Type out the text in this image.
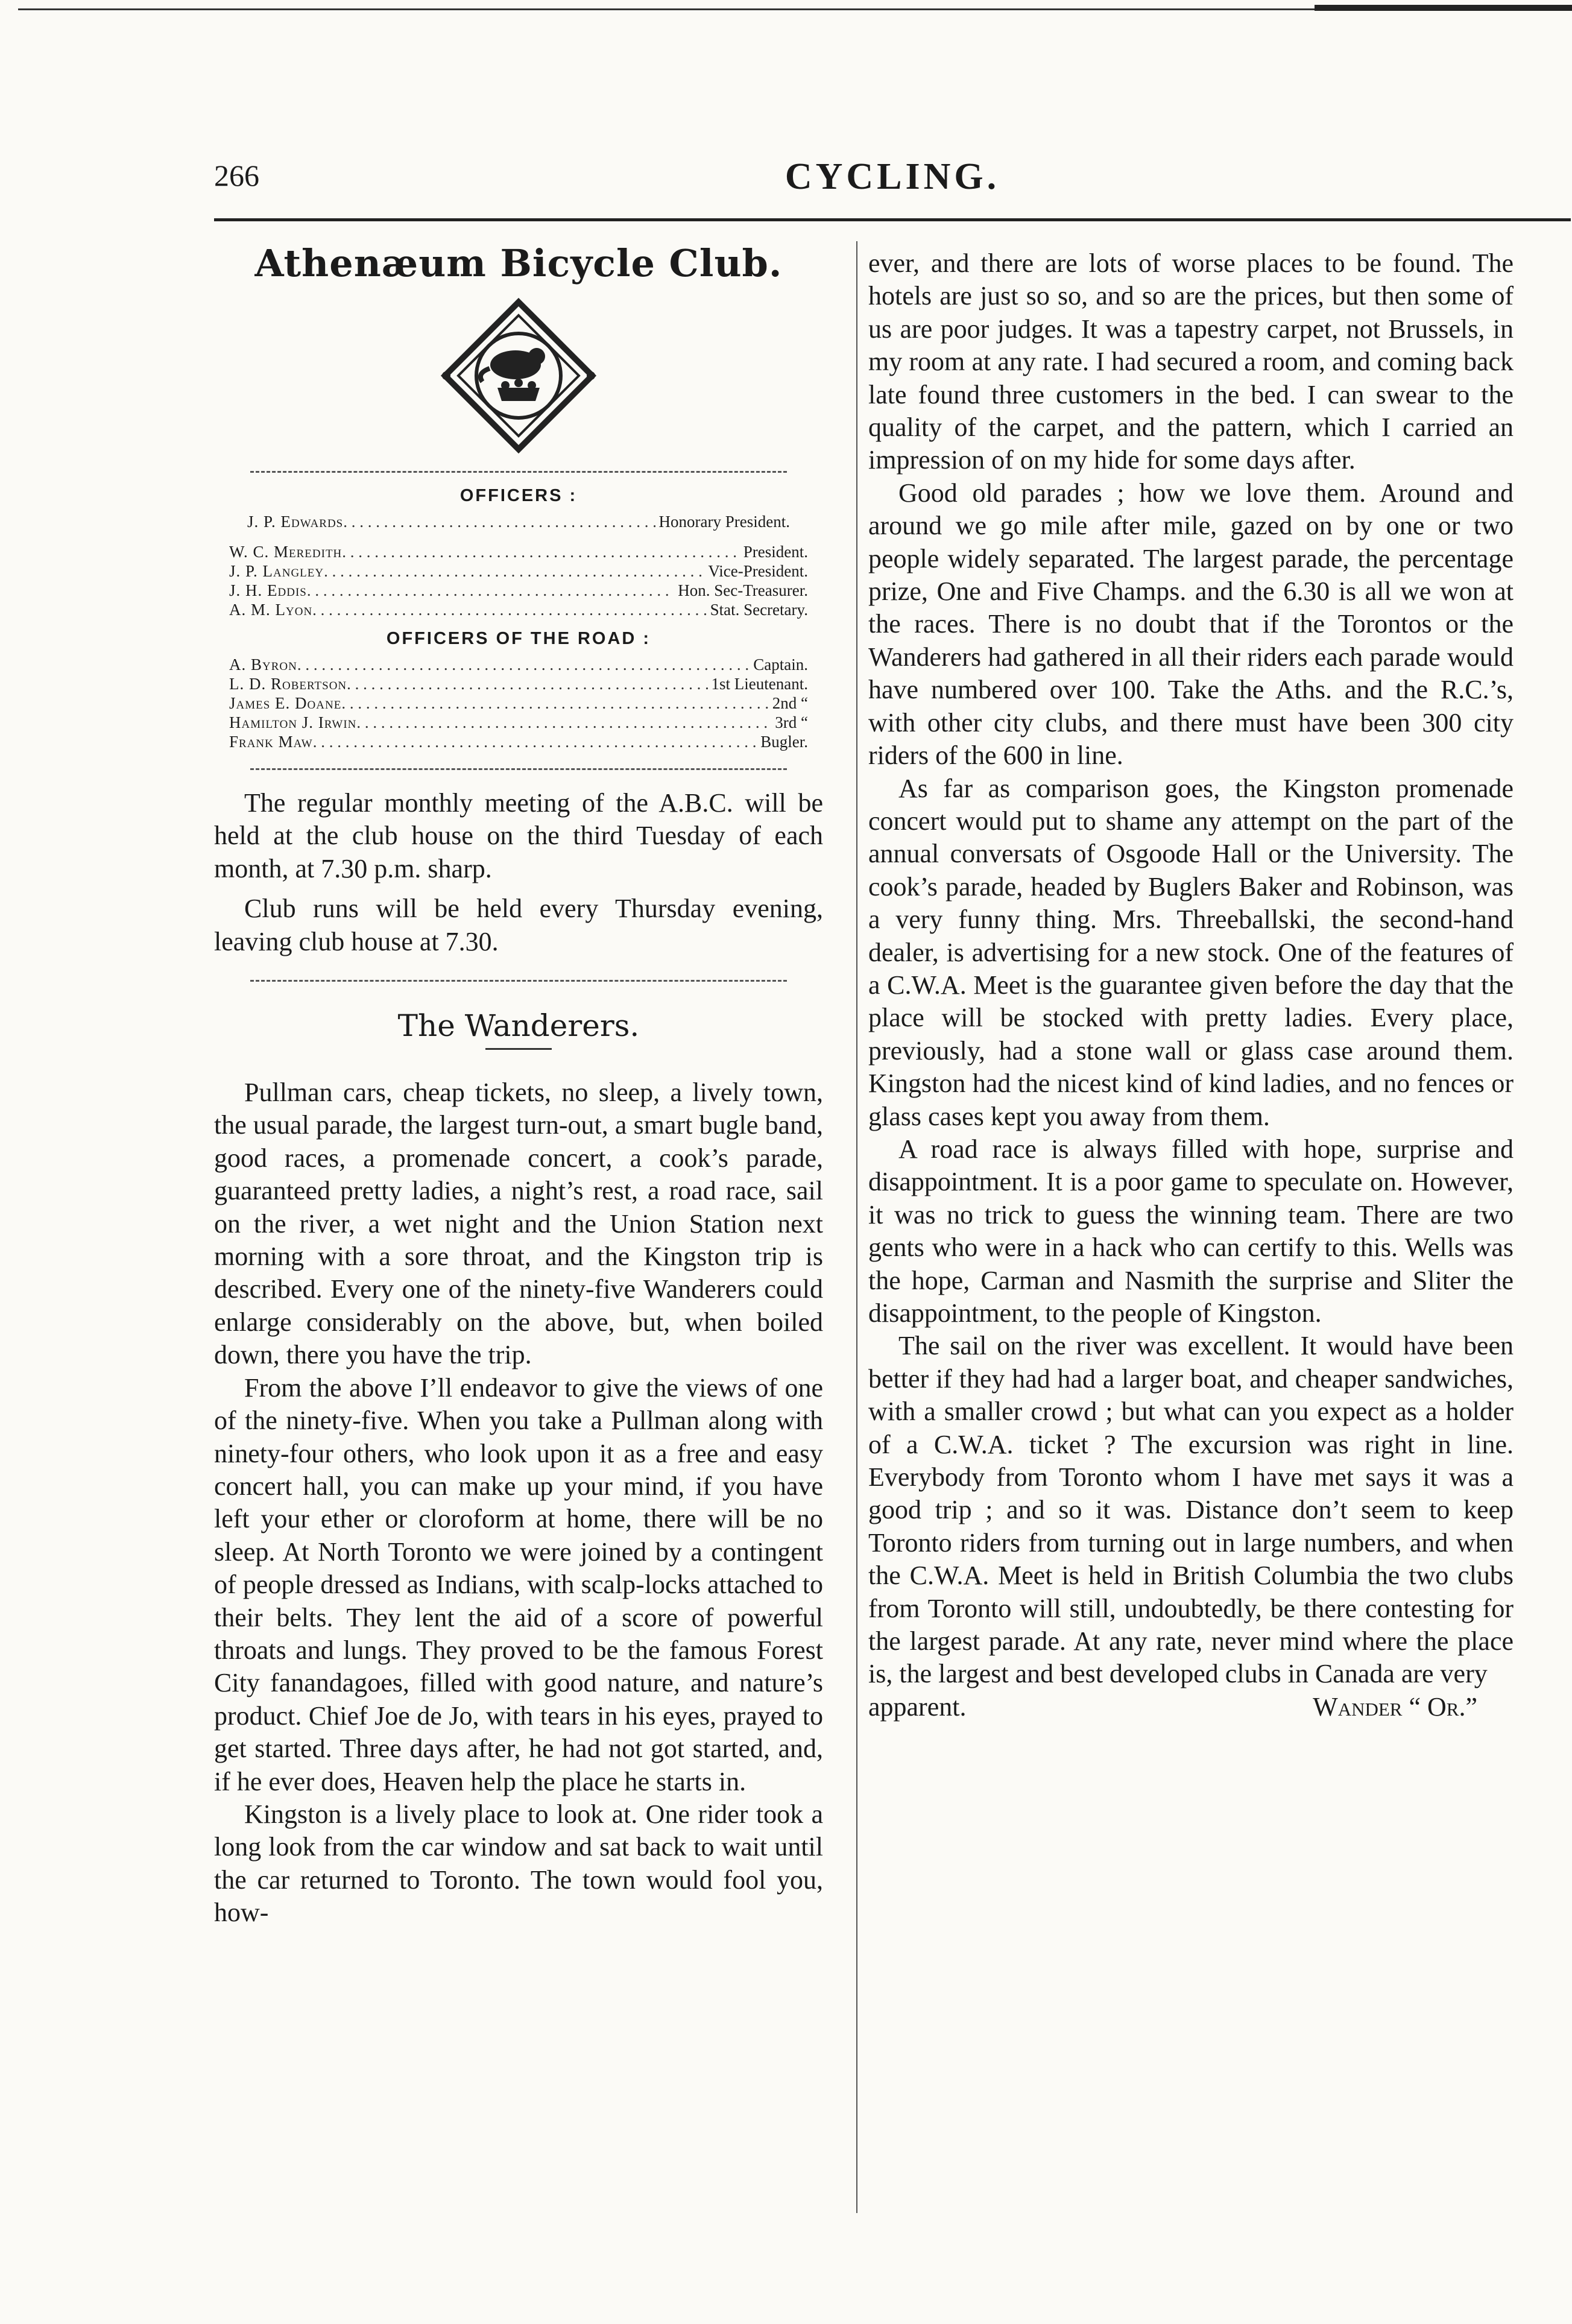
266	CYCLING.
Athenæum Bicycle Club.
OFFICERS :
J. P. Edwards . . .	Honorary President.
W. C. Meredith . . .	President.
J. P. Langley . . .	Vice-President.
J. H. Eddis . . .	Hon. Sec-Treasurer.
A. M. Lyon . . .	Stat. Secretary.
OFFICERS OF THE ROAD :
A. Byron . . .	Captain.
L. D. Robertson . . .	1st Lieutenant.
James E. Doane . . .	2nd “
Hamilton J. Irwin . . .	3rd “
Frank Maw . . .	Bugler.

The regular monthly meeting of the A.B.C. will be held at the club house on the third Tuesday of each month, at 7.30 p.m. sharp.

Club runs will be held every Thursday evening, leaving club house at 7.30.

The Wanderers.

Pullman cars, cheap tickets, no sleep, a lively town, the usual parade, the largest turn-out, a smart bugle band, good races, a promenade concert, a cook’s parade, guaranteed pretty ladies, a night’s rest, a road race, sail on the river, a wet night and the Union Station next morning with a sore throat, and the Kingston trip is described. Every one of the ninety-five Wanderers could enlarge considerably on the above, but, when boiled down, there you have the trip.

From the above I’ll endeavor to give the views of one of the ninety-five. When you take a Pullman along with ninety-four others, who look upon it as a free and easy concert hall, you can make up your mind, if you have left your ether or cloroform at home, there will be no sleep. At North Toronto we were joined by a contingent of people dressed as Indians, with scalp-locks attached to their belts. They lent the aid of a score of powerful throats and lungs. They proved to be the famous Forest City fanandagoes, filled with good nature, and nature’s product. Chief Joe de Jo, with tears in his eyes, prayed to get started. Three days after, he had not got started, and, if he ever does, Heaven help the place he starts in.

Kingston is a lively place to look at. One rider took a long look from the car window and sat back to wait until the car returned to Toronto. The town would fool you, how-

ever, and there are lots of worse places to be found. The hotels are just so so, and so are the prices, but then some of us are poor judges. It was a tapestry carpet, not Brussels, in my room at any rate. I had secured a room, and coming back late found three customers in the bed. I can swear to the quality of the carpet, and the pattern, which I carried an impression of on my hide for some days after.

Good old parades ; how we love them. Around and around we go mile after mile, gazed on by one or two people widely separated. The largest parade, the percentage prize, One and Five Champs. and the 6.30 is all we won at the races. There is no doubt that if the Torontos or the Wanderers had gathered in all their riders each parade would have numbered over 100. Take the Aths. and the R.C.’s, with other city clubs, and there must have been 300 city riders of the 600 in line.

As far as comparison goes, the Kingston promenade concert would put to shame any attempt on the part of the annual conversats of Osgoode Hall or the University. The cook’s parade, headed by Buglers Baker and Robinson, was a very funny thing. Mrs. Threeballski, the second-hand dealer, is advertising for a new stock. One of the features of a C.W.A. Meet is the guarantee given before the day that the place will be stocked with pretty ladies. Every place, previously, had a stone wall or glass case around them. Kingston had the nicest kind of kind ladies, and no fences or glass cases kept you away from them.

A road race is always filled with hope, surprise and disappointment. It is a poor game to speculate on. However, it was no trick to guess the winning team. There are two gents who were in a hack who can certify to this. Wells was the hope, Carman and Nasmith the surprise and Sliter the disappointment, to the people of Kingston.

The sail on the river was excellent. It would have been better if they had had a larger boat, and cheaper sandwiches, with a smaller crowd ; but what can you expect as a holder of a C.W.A. ticket ? The excursion was right in line. Everybody from Toronto whom I have met says it was a good trip ; and so it was. Distance don’t seem to keep Toronto riders from turning out in large numbers, and when the C.W.A. Meet is held in British Columbia the two clubs from Toronto will still, undoubtedly, be there contesting for the largest parade. At any rate, never mind where the place is, the largest and best developed clubs in Canada are very

apparent.	Wander “ Or.”
